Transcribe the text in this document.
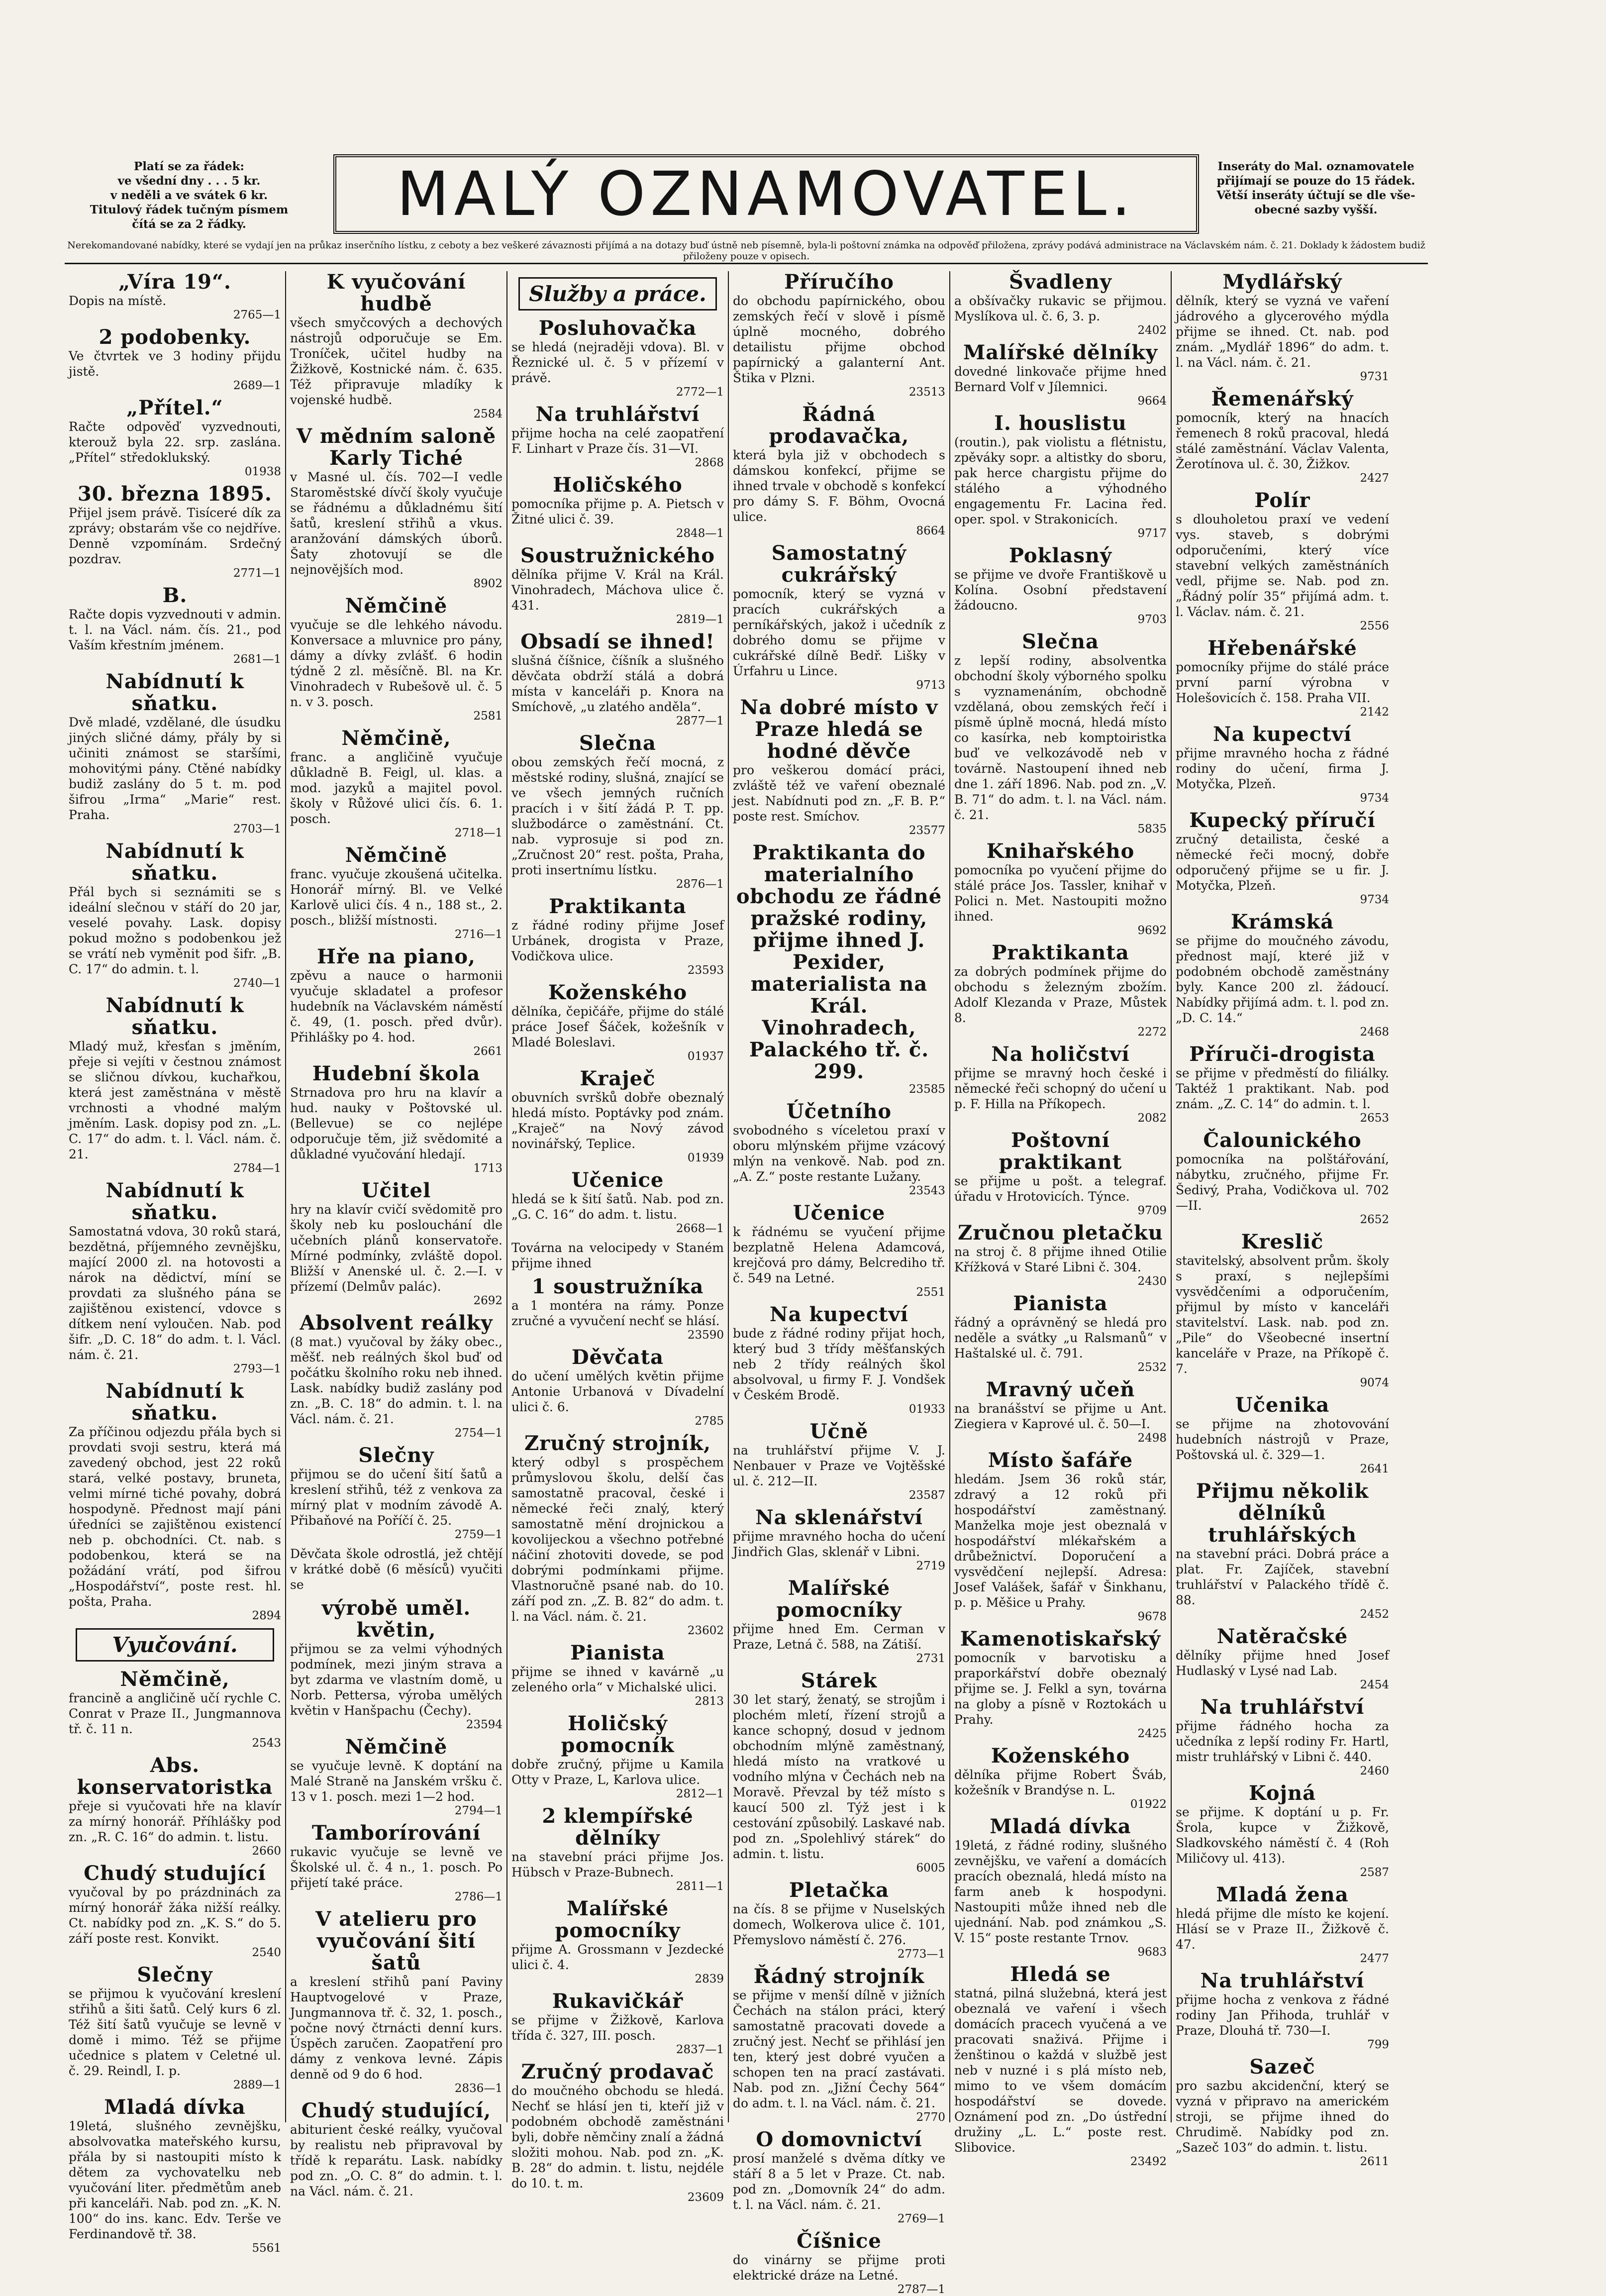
Platí se za řádek:
ve všední dny . . . 5 kr.
v neděli a ve svátek 6 kr.
Titulový řádek tučným písmem
čítá se za 2 řádky.	MALÝ OZNAMOVATEL.	Inseráty do Mal. oznamovatele
přijímají se pouze do 15 řádek.
Větší inseráty účtují se dle vše-
obecné sazby vyšší.
Nerekomandované nabídky, které se vydají jen na průkaz inserčního lístku, z ceboty a bez veškeré závaznosti přijímá a na dotazy buď ústně neb písemně, byla-li poštovní známka na odpověď přiložena, zprávy podává administrace na Václavském nám. č. 21. Doklady k žádostem budiž přiloženy pouze v opisech.

„Víra 19“.

Dopis na místě.

2765—1

2 podobenky.

Ve čtvrtek ve 3 hodiny přijdu jistě.

2689—1

„Přítel.“

Račte odpověď vyzvednouti, kterouž byla 22. srp. zaslána. „Přítel“ středoklukský.

01938

30. března 1895.

Přijel jsem právě. Tisíceré dík za zprávy; obstarám vše co nejdříve. Denně vzpomínám. Srdečný pozdrav.

2771—1

B.

Račte dopis vyzvednouti v admin. t. l. na Václ. nám. čís. 21., pod Vaším křestním jménem.

2681—1

Nabídnutí k sňatku.

Dvě mladé, vzdělané, dle úsudku jiných sličné dámy, přály by si učiniti známost se staršími, mohovitými pány. Ctěné nabídky budiž zaslány do 5 t. m. pod šifrou „Irma“ „Marie“ rest. Praha.

2703—1

Nabídnutí k sňatku.

Přál bych si seznámiti se s ideální slečnou v stáří do 20 jar, veselé povahy. Lask. dopisy pokud možno s podobenkou jež se vrátí neb vyměnit pod šifr. „B. C. 17“ do admin. t. l.

2740—1

Nabídnutí k sňatku.

Mladý muž, křesťan s jměním, přeje si vejíti v čestnou známost se sličnou dívkou, kuchařkou, která jest zaměstnána v městě vrchnosti a vhodné malým jměním. Lask. dopisy pod zn. „L. C. 17“ do adm. t. l. Václ. nám. č. 21.

2784—1

Nabídnutí k sňatku.

Samostatná vdova, 30 roků stará, bezdětná, příjemného zevnějšku, mající 2000 zl. na hotovosti a nárok na dědictví, míní se provdati za slušného pána se zajištěnou existencí, vdovce s dítkem není vyloučen. Nab. pod šifr. „D. C. 18“ do adm. t. l. Václ. nám. č. 21.

2793—1

Nabídnutí k sňatku.

Za příčinou odjezdu přála bych si provdati svoji sestru, která má zavedený obchod, jest 22 roků stará, velké postavy, bruneta, velmi mírné tiché povahy, dobrá hospodyně. Přednost mají páni úředníci se zajištěnou existencí neb p. obchodníci. Ct. nab. s podobenkou, která se na požádání vrátí, pod šifrou „Hospodářství“, poste rest. hl. pošta, Praha.

2894

Vyučování.

Němčině,

francině a angličině učí rychle C. Conrat v Praze II., Jungmannova tř. č. 11 n.

2543

Abs. konservatoristka

přeje si vyučovati hře na klavír za mírný honorář. Příhlášky pod zn. „R. C. 16“ do admin. t. listu.

2660

Chudý studující

vyučoval by po prázdninách za mírný honorář žáka nižší reálky. Ct. nabídky pod zn. „K. S.“ do 5. září poste rest. Konvikt.

2540

Slečny

se přijmou k vyučování kreslení střihů a šiti šatů. Celý kurs 6 zl. Též šití šatů vyučuje se levně v domě i mimo. Též se přijme učednice s platem v Celetné ul. č. 29. Reindl, I. p.

2889—1

Mladá dívka

19letá, slušného zevnějšku, absolvovatka mateřského kursu, přála by si nastoupiti místo k dětem za vychovatelku neb vyučování liter. předmětům aneb při kanceláři. Nab. pod zn. „K. N. 100“ do ins. kanc. Edv. Terše ve Ferdinandově tř. 38.

5561

K vyučování hudbě

všech smyčcových a dechových nástrojů odporučuje se Em. Troníček, učitel hudby na Žižkově, Kostnické nám. č. 635. Též připravuje mladíky k vojenské hudbě.

2584

V mědním saloně Karly Tiché

v Masné ul. čís. 702—I vedle Staroměstské dívčí školy vyučuje se řádnému a důkladnému šití šatů, kreslení střihů a vkus. aranžování dámských úborů. Šaty zhotovují se dle nejnovějších mod.

8902

Němčině

vyučuje se dle lehkého návodu. Konversace a mluvnice pro pány, dámy a dívky zvlášť. 6 hodin týdně 2 zl. měsíčně. Bl. na Kr. Vinohradech v Rubešově ul. č. 5 n. v 3. posch.

2581

Němčině,

franc. a angličině vyučuje důkladně B. Feigl, ul. klas. a mod. jazyků a majitel povol. školy v Růžové ulici čís. 6. 1. posch.

2718—1

Němčině

franc. vyučuje zkoušená učitelka. Honorář mírný. Bl. ve Velké Karlově ulici čís. 4 n., 188 st., 2. posch., bližší místnosti.

2716—1

Hře na piano,

zpěvu a nauce o harmonii vyučuje skladatel a profesor hudebník na Václavském náměstí č. 49, (1. posch. před dvůr). Přihlášky po 4. hod.

2661

Hudební škola

Strnadova pro hru na klavír a hud. nauky v Poštovské ul. (Bellevue) se co nejlépe odporučuje těm, již svědomité a důkladné vyučování hledají.

1713

Učitel

hry na klavír cvičí svědomitě pro školy neb ku poslouchání dle učebních plánů konservatoře. Mírné podmínky, zvláště dopol. Bližší v Anenské ul. č. 2.—I. v přízemí (Delmův palác).

2692

Absolvent reálky

(8 mat.) vyučoval by žáky obec., měšť. neb reálných škol buď od počátku školního roku neb ihned. Lask. nabídky budiž zaslány pod zn. „B. C. 18“ do admin. t. l. na Václ. nám. č. 21.

2754—1

Slečny

přijmou se do učení šití šatů a kreslení střihů, též z venkova za mírný plat v modním závodě A. Přibaňové na Poříčí č. 25.

2759—1

Děvčata škole odrostlá, jež chtějí v krátké době (6 měsíců) vyučiti se

výrobě uměl. květin,

přijmou se za velmi výhodných podmínek, mezi jiným strava a byt zdarma ve vlastním domě, u Norb. Pettersa, výroba umělých květin v Hanšpachu (Čechy).

23594

Němčině

se vyučuje levně. K doptání na Malé Straně na Janském vršku č. 13 v 1. posch. mezi 1—2 hod.

2794—1

Tamborírování

rukavic vyučuje se levně ve Školské ul. č. 4 n., 1. posch. Po přijetí také práce.

2786—1

V atelieru pro vyučování šití šatů

a kreslení střihů paní Paviny Hauptvogelové v Praze, Jungmannova tř. č. 32, 1. posch., počne nový čtrnácti denní kurs. Úspěch zaručen. Zaopatření pro dámy z venkova levné. Zápis denně od 9 do 6 hod.

2836—1

Chudý studující,

abiturient české reálky, vyučoval by realistu neb připravoval by třídě k reparátu. Lask. nabídky pod zn. „O. C. 8“ do admin. t. l. na Václ. nám. č. 21.

Služby a práce.

Posluhovačka

se hledá (nejraději vdova). Bl. v Řeznické ul. č. 5 v přízemí v právě.

2772—1

Na truhlářství

přijme hocha na celé zaopatření F. Linhart v Praze čís. 31—VI.

2868

Holičského

pomocníka přijme p. A. Pietsch v Žitné ulici č. 39.

2848—1

Soustružnického

dělníka přijme V. Král na Král. Vinohradech, Máchova ulice č. 431.

2819—1

Obsadí se ihned!

slušná číšnice, číšník a slušného děvčata obdrží stálá a dobrá místa v kanceláři p. Knora na Smíchově, „u zlatého anděla“.

2877—1

Slečna

obou zemských řečí mocná, z městské rodiny, slušná, znající se ve všech jemných ručních pracích i v šití žádá P. T. pp. službodárce o zaměstnání. Ct. nab. vyprosuje si pod zn. „Zručnost 20“ rest. pošta, Praha, proti insertnímu lístku.

2876—1

Praktikanta

z řádné rodiny přijme Josef Urbánek, drogista v Praze, Vodičkova ulice.

23593

Koženského

dělníka, čepičáře, přijme do stálé práce Josef Šáček, kožešník v Mladé Boleslavi.

01937

Kraječ

obuvních svršků dobře obeznalý hledá místo. Poptávky pod znám. „Kraječ“ na Nový závod novinářský, Teplice.

01939

Učenice

hledá se k šití šatů. Nab. pod zn. „G. C. 16“ do adm. t. listu.

2668—1

Továrna na velocipedy v Staném přijme ihned

1 soustružníka

a 1 montéra na rámy. Ponze zručné a vyvučení nechť se hlásí.

23590

Děvčata

do učení umělých květin přijme Antonie Urbanová v Dívadelní ulici č. 6.

2785

Zručný strojník,

který odbyl s prospěchem průmyslovou školu, delší čas samostatně pracoval, české i německé řeči znalý, který samostatně mění drojnickou a kovolijeckou a všechno potřebné náčiní zhotoviti dovede, se pod dobrými podmínkami přijme. Vlastnoručně psané nab. do 10. září pod zn. „Z. B. 82“ do adm. t. l. na Václ. nám. č. 21.

23602

Pianista

přijme se ihned v kavárně „u zeleného orla“ v Michalské ulici.

2813

Holičský pomocník

dobře zručný, přijme u Kamila Otty v Praze, L, Karlova ulice.

2812—1

2 klempířské dělníky

na stavební práci přijme Jos. Hübsch v Praze-Bubnech.

2811—1

Malířské pomocníky

přijme A. Grossmann v Jezdecké ulici č. 4.

2839

Rukavičkář

se přijme v Žižkově, Karlova třída č. 327, III. posch.

2837—1

Zručný prodavač

do moučného obchodu se hledá. Nechť se hlásí jen ti, kteří již v podobném obchodě zaměstnáni byli, dobře němčiny znalí a žádná složiti mohou. Nab. pod zn. „K. B. 28“ do admin. t. listu, nejdéle do 10. t. m.

23609

Příručího

do obchodu papírnického, obou zemských řečí v slově i písmě úplně mocného, dobrého detailistu přijme obchod papírnický a galanterní Ant. Štika v Plzni.

23513

Řádná prodavačka,

která byla již v obchodech s dámskou konfekcí, přijme se ihned trvale v obchodě s konfekcí pro dámy S. F. Böhm, Ovocná ulice.

8664

Samostatný cukrářský

pomocník, který se vyzná v pracích cukrářských a perníkářských, jakož i učedník z dobrého domu se přijme v cukrářské dílně Bedř. Lišky v Úrfahru u Lince.

9713

Na dobré místo v Praze hledá se hodné děvče

pro veškerou domácí práci, zvláště též ve vaření obeznalé jest. Nabídnuti pod zn. „F. B. P.“ poste rest. Smíchov.

23577

Praktikanta do materialního obchodu ze řádné pražské rodiny, přijme ihned J. Pexider, materialista na Král. Vinohradech, Palackého tř. č. 299.

23585

Účetního

svobodného s víceletou praxí v oboru mlýnském přijme vzácový mlýn na venkově. Nab. pod zn. „A. Z.“ poste restante Lužany.

23543

Učenice

k řádnému se vyučení přijme bezplatně Helena Adamcová, krejčová pro dámy, Belcrediho tř. č. 549 na Letné.

2551

Na kupectví

bude z řádné rodiny přijat hoch, který bud 3 třídy měšťanských neb 2 třídy reálných škol absolvoval, u firmy F. J. Vondšek v Českém Brodě.

01933

Učně

na truhlářství přijme V. J. Nenbauer v Praze ve Vojtěšské ul. č. 212—II.

23587

Na sklenářství

přijme mravného hocha do učení Jindřich Glas, sklenář v Libni.

2719

Malířské pomocníky

přijme hned Em. Cerman v Praze, Letná č. 588, na Zátiší.

2731

Stárek

30 let starý, ženatý, se strojům i plochém mletí, řízení strojů a kance schopný, dosud v jednom obchodním mlýně zaměstnaný, hledá místo na vratkové u vodního mlýna v Čechách neb na Moravě. Převzal by též místo s kaucí 500 zl. Týž jest i k cestování způsobilý. Laskavé nab. pod zn. „Spolehlivý stárek“ do admin. t. listu.

6005

Pletačka

na čís. 8 se přijme v Nuselských domech, Wolkerova ulice č. 101, Přemyslovo náměstí č. 276.

2773—1

Řádný strojník

se přijme v menší dílně v jižních Čechách na stálon práci, který samostatně pracovati dovede a zručný jest. Nechť se přihlásí jen ten, který jest dobré vyučen a schopen ten na prací zastávati. Nab. pod zn. „Jižní Čechy 564“ do adm. t. l. na Václ. nám. č. 21.

2770

O domovnictví

prosí manželé s dvěma dítky ve stáří 8 a 5 let v Praze. Ct. nab. pod zn. „Domovník 24“ do adm. t. l. na Václ. nám. č. 21.

2769—1

Číšnice

do vinárny se přijme proti elektrické dráze na Letné.

2787—1

Švadleny

a obšívačky rukavic se přijmou. Myslíkova ul. č. 6, 3. p.

2402

Malířské dělníky

dovedné linkovače přijme hned Bernard Volf v Jílemnici.

9664

I. houslistu

(routin.), pak violistu a flétnistu, zpěváky sopr. a altistky do sboru, pak herce chargistu přijme do stálého a výhodného engagementu Fr. Lacina řed. oper. spol. v Strakonicích.

9717

Poklasný

se přijme ve dvoře Františkově u Kolína. Osobní představení žádoucno.

9703

Slečna

z lepší rodiny, absolventka obchodní školy výborného spolku s vyznamenáním, obchodně vzdělaná, obou zemských řečí i písmě úplně mocná, hledá místo co kasírka, neb komptoiristka buď ve velkozávodě neb v továrně. Nastoupení ihned neb dne 1. září 1896. Nab. pod zn. „V. B. 71“ do adm. t. l. na Václ. nám. č. 21.

5835

Knihařského

pomocníka po vyučení přijme do stálé práce Jos. Tassler, knihař v Polici n. Met. Nastoupiti možno ihned.

9692

Praktikanta

za dobrých podmínek přijme do obchodu s železným zbožím. Adolf Klezanda v Praze, Můstek 8.

2272

Na holičství

přijme se mravný hoch české i německé řeči schopný do učení u p. F. Hilla na Příkopech.

2082

Poštovní praktikant

se přijme u pošt. a telegraf. úřadu v Hrotovicích. Týnce.

9709

Zručnou pletačku

na stroj č. 8 přijme ihned Otilie Křížková v Staré Libni č. 304.

2430

Pianista

řádný a oprávněný se hledá pro neděle a svátky „u Ralsmanů“ v Haštalské ul. č. 791.

2532

Mravný učeň

na branášství se přijme u Ant. Ziegiera v Kaprové ul. č. 50—I.

2498

Místo šafáře

hledám. Jsem 36 roků stár, zdravý a 12 roků při hospodářství zaměstnaný. Manželka moje jest obeznalá v hospodářství mlékařském a drůbežnictví. Doporučení a vysvědčení nejlepší. Adresa: Josef Valášek, šafář v Šinkhanu, p. p. Měšice u Prahy.

9678

Kamenotiskařský

pomocník v barvotisku a praporkářství dobře obeznalý přijme se. J. Felkl a syn, továrna na globy a písně v Roztokách u Prahy.

2425

Koženského

dělníka přijme Robert Šváb, kožešník v Brandýse n. L.

01922

Mladá dívka

19letá, z řádné rodiny, slušného zevnějšku, ve vaření a domácích pracích obeznalá, hledá místo na farm aneb k hospodyni. Nastoupiti může ihned neb dle ujednání. Nab. pod známkou „S. V. 15“ poste restante Trnov.

9683

Hledá se

statná, pilná služebná, která jest obeznalá ve vaření i všech domácích pracech vyučená a ve pracovati snaživá. Přijme i ženštinou o každá v službě jest neb v nuzné i s plá místo neb, mimo to ve všem domácím hospodářství se dovede. Oznámení pod zn. „Do ústřední družiny „L. L.“ poste rest. Slibovice.

23492

Mydlářský

dělník, který se vyzná ve vaření jádrového a glycerového mýdla přijme se ihned. Ct. nab. pod znám. „Mydlář 1896“ do adm. t. l. na Václ. nám. č. 21.

9731

Řemenářský

pomocník, který na hnacích řemenech 8 roků pracoval, hledá stálé zaměstnání. Václav Valenta, Žerotínova ul. č. 30, Žižkov.

2427

Polír

s dlouholetou praxí ve vedení vys. staveb, s dobrými odporučeními, který více stavební velkých zaměstnáních vedl, přijme se. Nab. pod zn. „Řádný polír 35“ přijímá adm. t. l. Václav. nám. č. 21.

2556

Hřebenářské

pomocníky přijme do stálé práce první parní výrobna v Holešovicích č. 158. Praha VII.

2142

Na kupectví

přijme mravného hocha z řádné rodiny do učení, firma J. Motyčka, Plzeň.

9734

Kupecký příručí

zručný detailista, české a německé řeči mocný, dobře odporučený přijme se u fir. J. Motyčka, Plzeň.

9734

Krámská

se přijme do moučného závodu, přednost mají, které již v podobném obchodě zaměstnány byly. Kance 200 zl. žádoucí. Nabídky přijímá adm. t. l. pod zn. „D. C. 14.“

2468

Příruči-drogista

se přijme v předměstí do filiálky. Taktéž 1 praktikant. Nab. pod znám. „Z. C. 14“ do admin. t. l.

2653

Čalounického

pomocníka na polštářování, nábytku, zručného, přijme Fr. Šedivý, Praha, Vodičkova ul. 702—II.

2652

Kreslič

stavitelský, absolvent prům. školy s praxí, s nejlepšími vysvědčeními a odporučením, přijmul by místo v kanceláři stavitelství. Lask. nab. pod zn. „Pile“ do Všeobecné insertní kanceláře v Praze, na Příkopě č. 7.

9074

Učenika

se přijme na zhotovování hudebních nástrojů v Praze, Poštovská ul. č. 329—1.

2641

Přijmu několik dělníků truhlářských

na stavební práci. Dobrá práce a plat. Fr. Zajíček, stavební truhlářství v Palackého třídě č. 88.

2452

Natěračské

dělníky přijme hned Josef Hudlaský v Lysé nad Lab.

2454

Na truhlářství

přijme řádného hocha za učedníka z lepší rodiny Fr. Hartl, mistr truhlářský v Libni č. 440.

2460

Kojná

se přijme. K doptání u p. Fr. Šrola, kupce v Žižkově, Sladkovského náměstí č. 4 (Roh Miličovy ul. 413).

2587

Mladá žena

hledá přijme dle místo ke kojení. Hlásí se v Praze II., Žižkově č. 47.

2477

Na truhlářství

přijme hocha z venkova z řádné rodiny Jan Přihoda, truhlář v Praze, Dlouhá tř. 730—I.

799

Sazeč

pro sazbu akcidenční, který se vyzná v připravo na americkém stroji, se přijme ihned do Chrudimě. Nabídky pod zn. „Sazeč 103“ do admin. t. listu.

2611
